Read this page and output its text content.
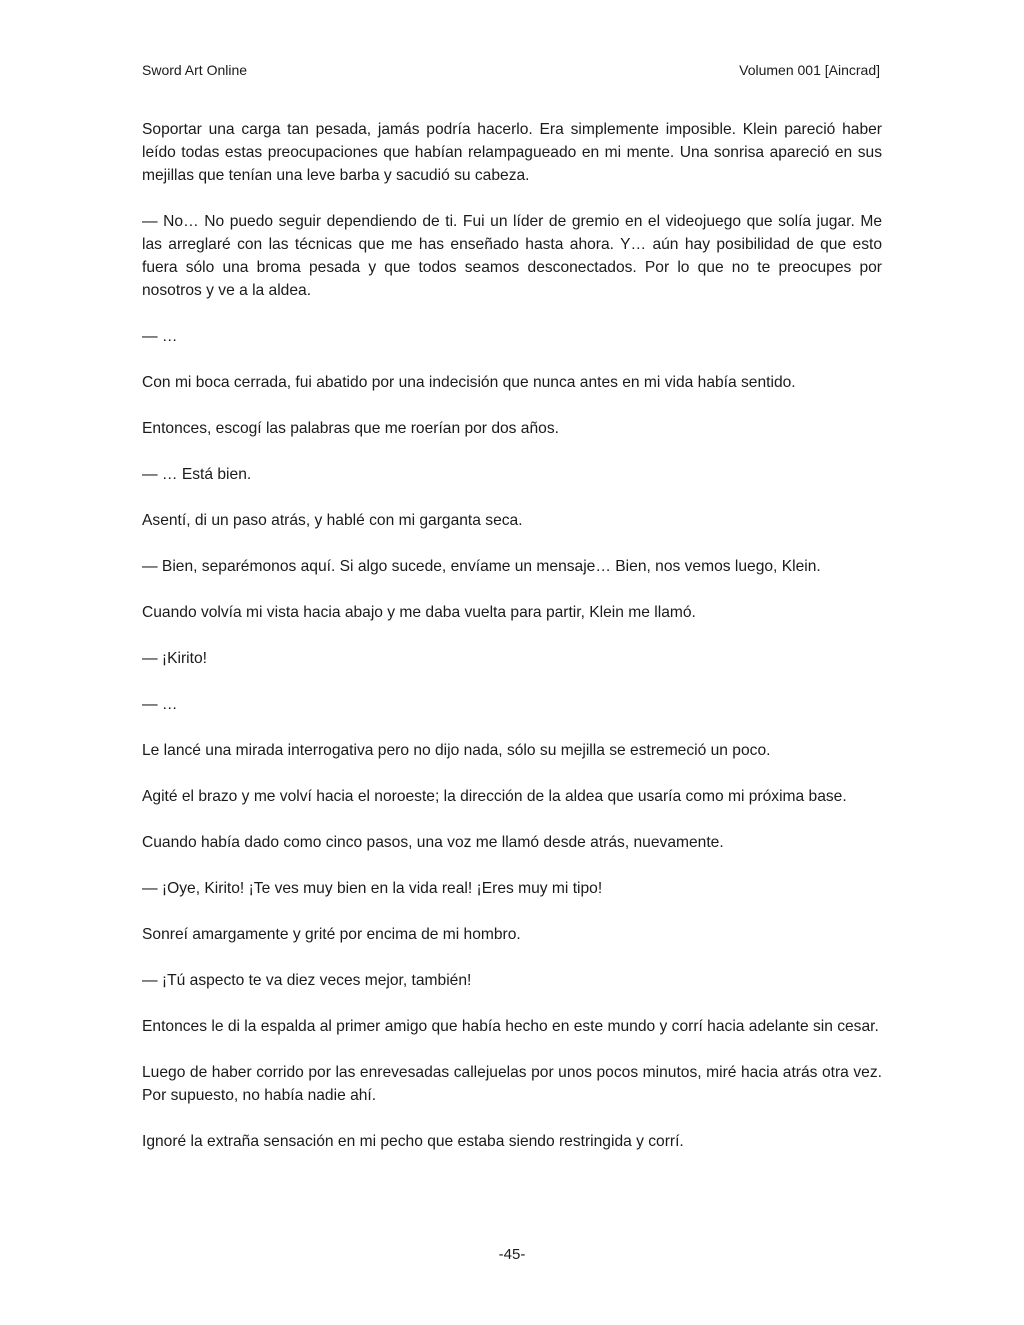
Sword Art Online	Volumen 001 [Aincrad]

Soportar una carga tan pesada, jamás podría hacerlo. Era simplemente imposible. Klein pareció haber leído todas estas preocupaciones que habían relampagueado en mi mente. Una sonrisa apareció en sus mejillas que tenían una leve barba y sacudió su cabeza.

— No… No puedo seguir dependiendo de ti. Fui un líder de gremio en el videojuego que solía jugar. Me las arreglaré con las técnicas que me has enseñado hasta ahora. Y… aún hay posibilidad de que esto fuera sólo una broma pesada y que todos seamos desconectados. Por lo que no te preocupes por nosotros y ve a la aldea.

— …

Con mi boca cerrada, fui abatido por una indecisión que nunca antes en mi vida había sentido.

Entonces, escogí las palabras que me roerían por dos años.

— … Está bien.

Asentí, di un paso atrás, y hablé con mi garganta seca.

— Bien, separémonos aquí. Si algo sucede, envíame un mensaje… Bien, nos vemos luego, Klein.

Cuando volvía mi vista hacia abajo y me daba vuelta para partir, Klein me llamó.

— ¡Kirito!

— …

Le lancé una mirada interrogativa pero no dijo nada, sólo su mejilla se estremeció un poco.

Agité el brazo y me volví hacia el noroeste; la dirección de la aldea que usaría como mi próxima base.

Cuando había dado como cinco pasos, una voz me llamó desde atrás, nuevamente.

— ¡Oye, Kirito! ¡Te ves muy bien en la vida real! ¡Eres muy mi tipo!

Sonreí amargamente y grité por encima de mi hombro.

— ¡Tú aspecto te va diez veces mejor, también!

Entonces le di la espalda al primer amigo que había hecho en este mundo y corrí hacia adelante sin cesar.

Luego de haber corrido por las enrevesadas callejuelas por unos pocos minutos, miré hacia atrás otra vez. Por supuesto, no había nadie ahí.

Ignoré la extraña sensación en mi pecho que estaba siendo restringida y corrí.

-45-
